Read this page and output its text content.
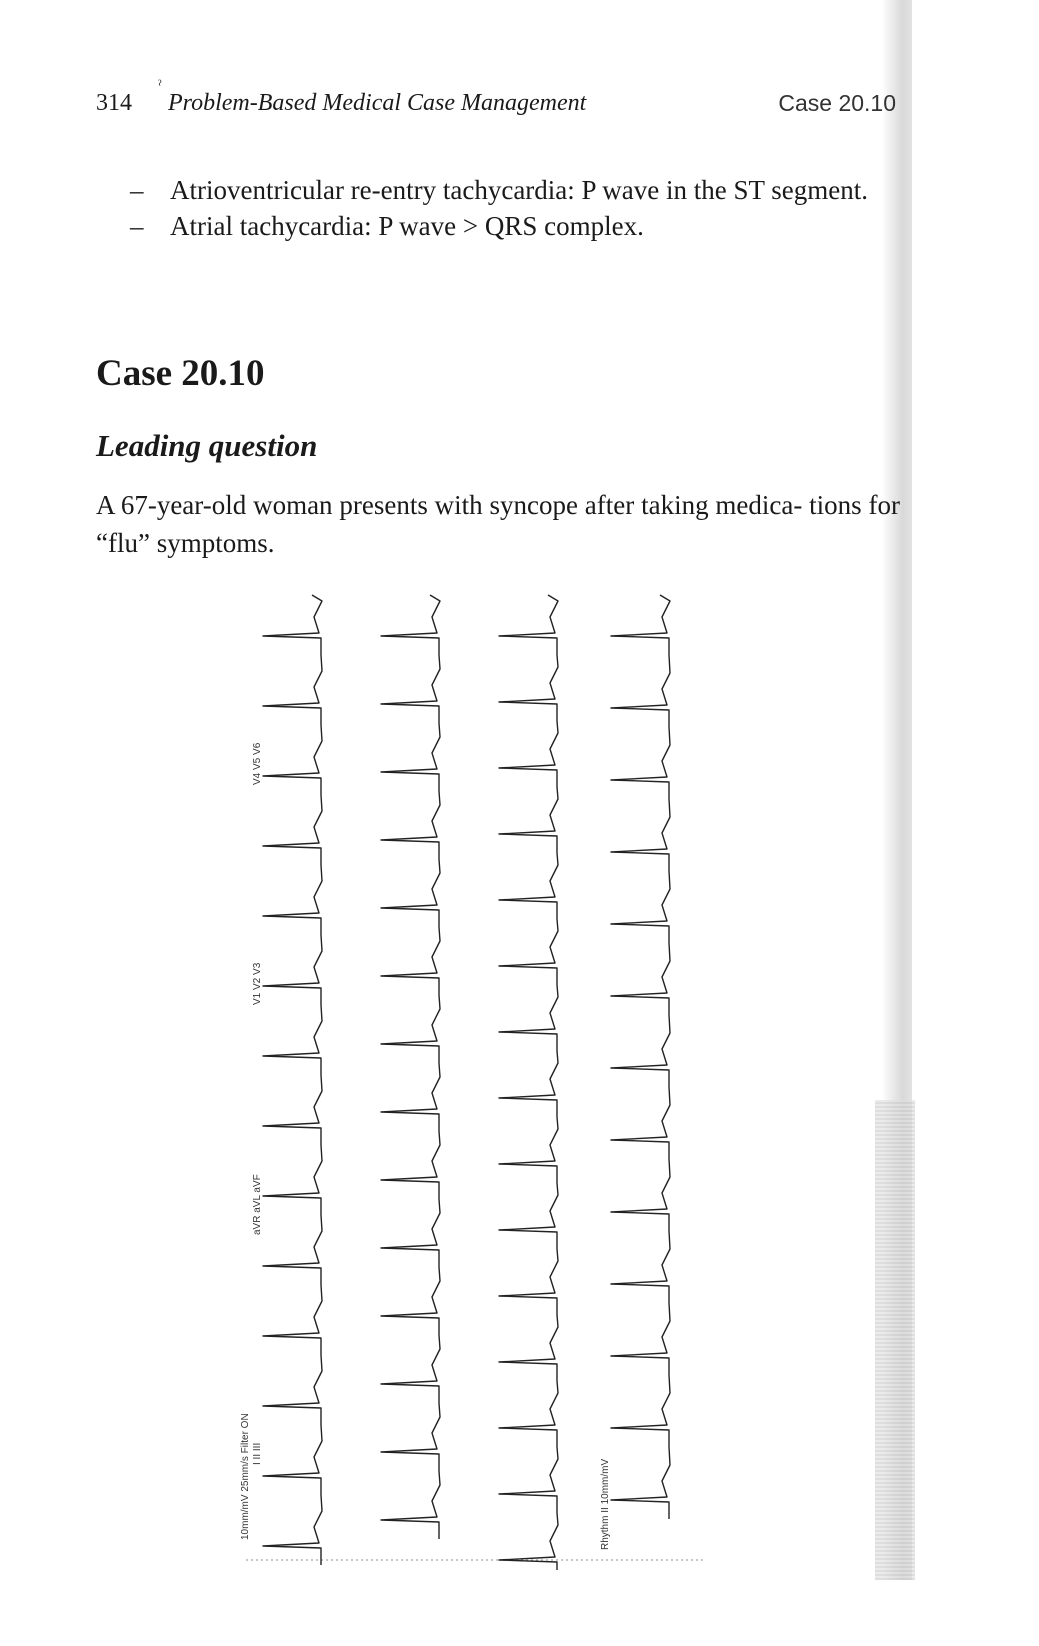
314
ˀ
Problem-Based Medical Case Management	Case 20.10
– Atrioventricular re-entry tachycardia: P wave in the ST segment.
– Atrial tachycardia: P wave > QRS complex.
Case 20.10
Leading question

A 67-year-old woman presents with syncope after taking medica- tions for “flu” symptoms.

V4 V5 V6
V1 V2 V3
aVR aVL aVF
I II III
10mm/mV 25mm/s Filter ON	Rhythm II 10mm/mV
